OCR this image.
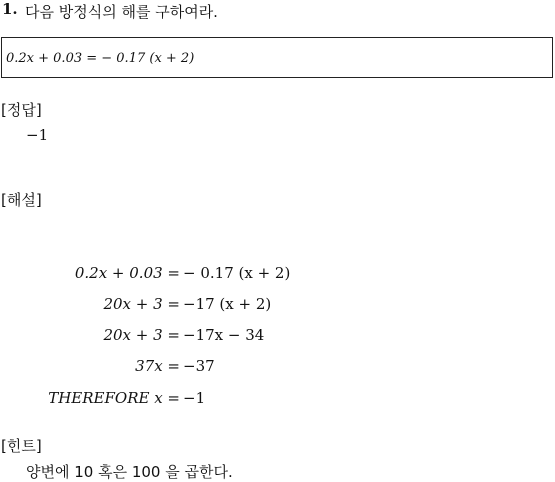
1. 다음 방정식의 해를 구하여라.
0.2x + 0.03 = − 0.17 (x + 2)
[정답]
−1
[해설]
0.2x + 0.03 = − 0.17 (x + 2)
20x + 3 = −17 (x + 2)
20x + 3 = −17x − 34
37x = −37
THEREFORE x = −1
[힌트]
양변에 10 혹은 100 을 곱한다.
